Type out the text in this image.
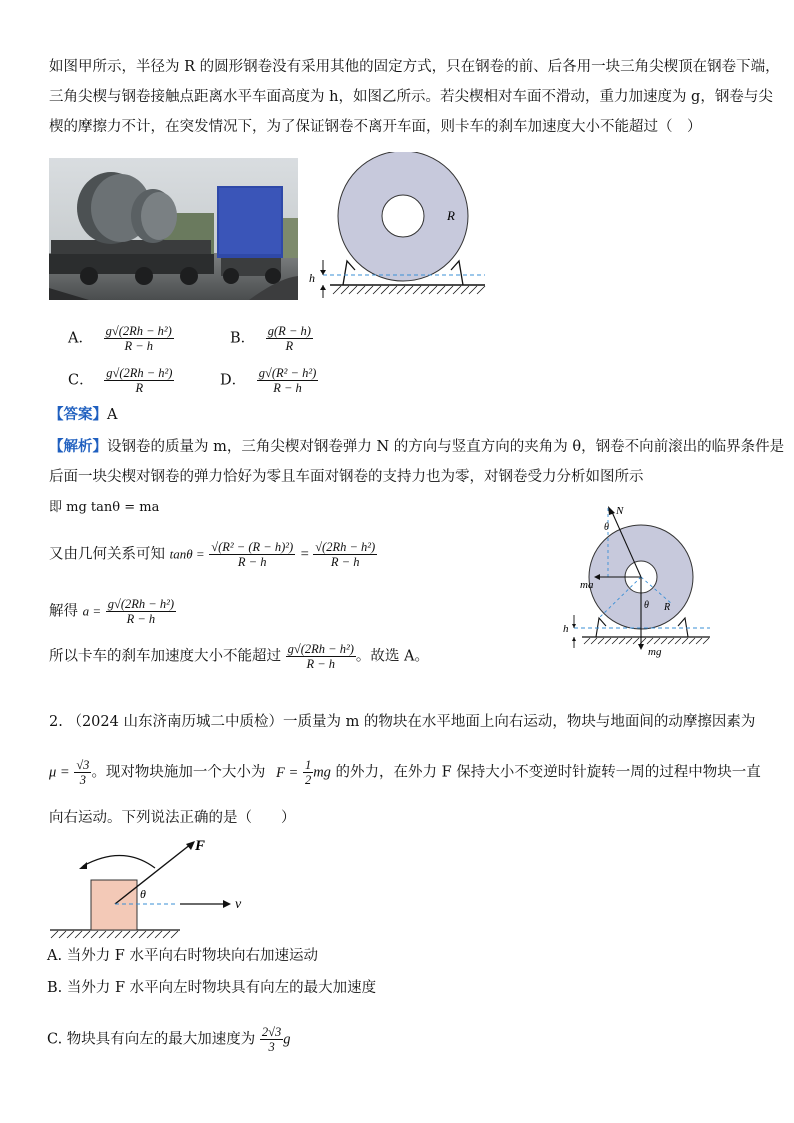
如图甲所示，半径为 R 的圆形钢卷没有采用其他的固定方式，只在钢卷的前、后各用一块三角尖楔顶在钢卷下端，
三角尖楔与钢卷接触点距离水平车面高度为 h，如图乙所示。若尖楔相对车面不滑动，重力加速度为 g，钢卷与尖
楔的摩擦力不计，在突发情况下，为了保证钢卷不离开车面，则卡车的刹车加速度大小不能超过（　）
h
R
A． $\frac{\text{g√(2Rh − h²)}}{R - h}$	B． $\frac{g(R - h)}{R}$
C． $\frac{\text{g√(2Rh − h²)}}{R}$	D． $\frac{\text{g√(R² − h²)}}{R - h}$
【答案】A
【解析】设钢卷的质量为 m，三角尖楔对钢卷弹力 N 的方向与竖直方向的夹角为 θ，钢卷不向前滚出的临界条件是
后面一块尖楔对钢卷的弹力恰好为零且车面对钢卷的支持力也为零，对钢卷受力分析如图所示
即 mg tanθ = ma
又由几何关系可知 $\tan\theta = \frac{\text{√(R² − (R − h)²)}}{R - h} = \frac{\text{√(2Rh − h²)}}{R - h}$
解得 $a = \frac{\text{g√(2Rh − h²)}}{R - h}$
所以卡车的刹车加速度大小不能超过 $\frac{\text{g√(2Rh − h²)}}{R - h}$ 。故选 A。
h
N
θ
ma
R
θ
mg
2. （2024 山东济南历城二中质检）一质量为 m 的物块在水平地面上向右运动，物块与地面间的动摩擦因素为
$\mu = \frac{√3}{3}$ 。现对物块施加一个大小为 $F = \frac{1}{2}$ mg 的外力，在外力 F 保持大小不变逆时针旋转一周的过程中物块一直
向右运动。下列说法正确的是（　　）
F
θ
v
A. 当外力 F 水平向右时物块向右加速运动
B. 当外力 F 水平向左时物块具有向左的最大加速度
C. 物块具有向左的最大加速度为 $\frac{2√3}{3}$ g
